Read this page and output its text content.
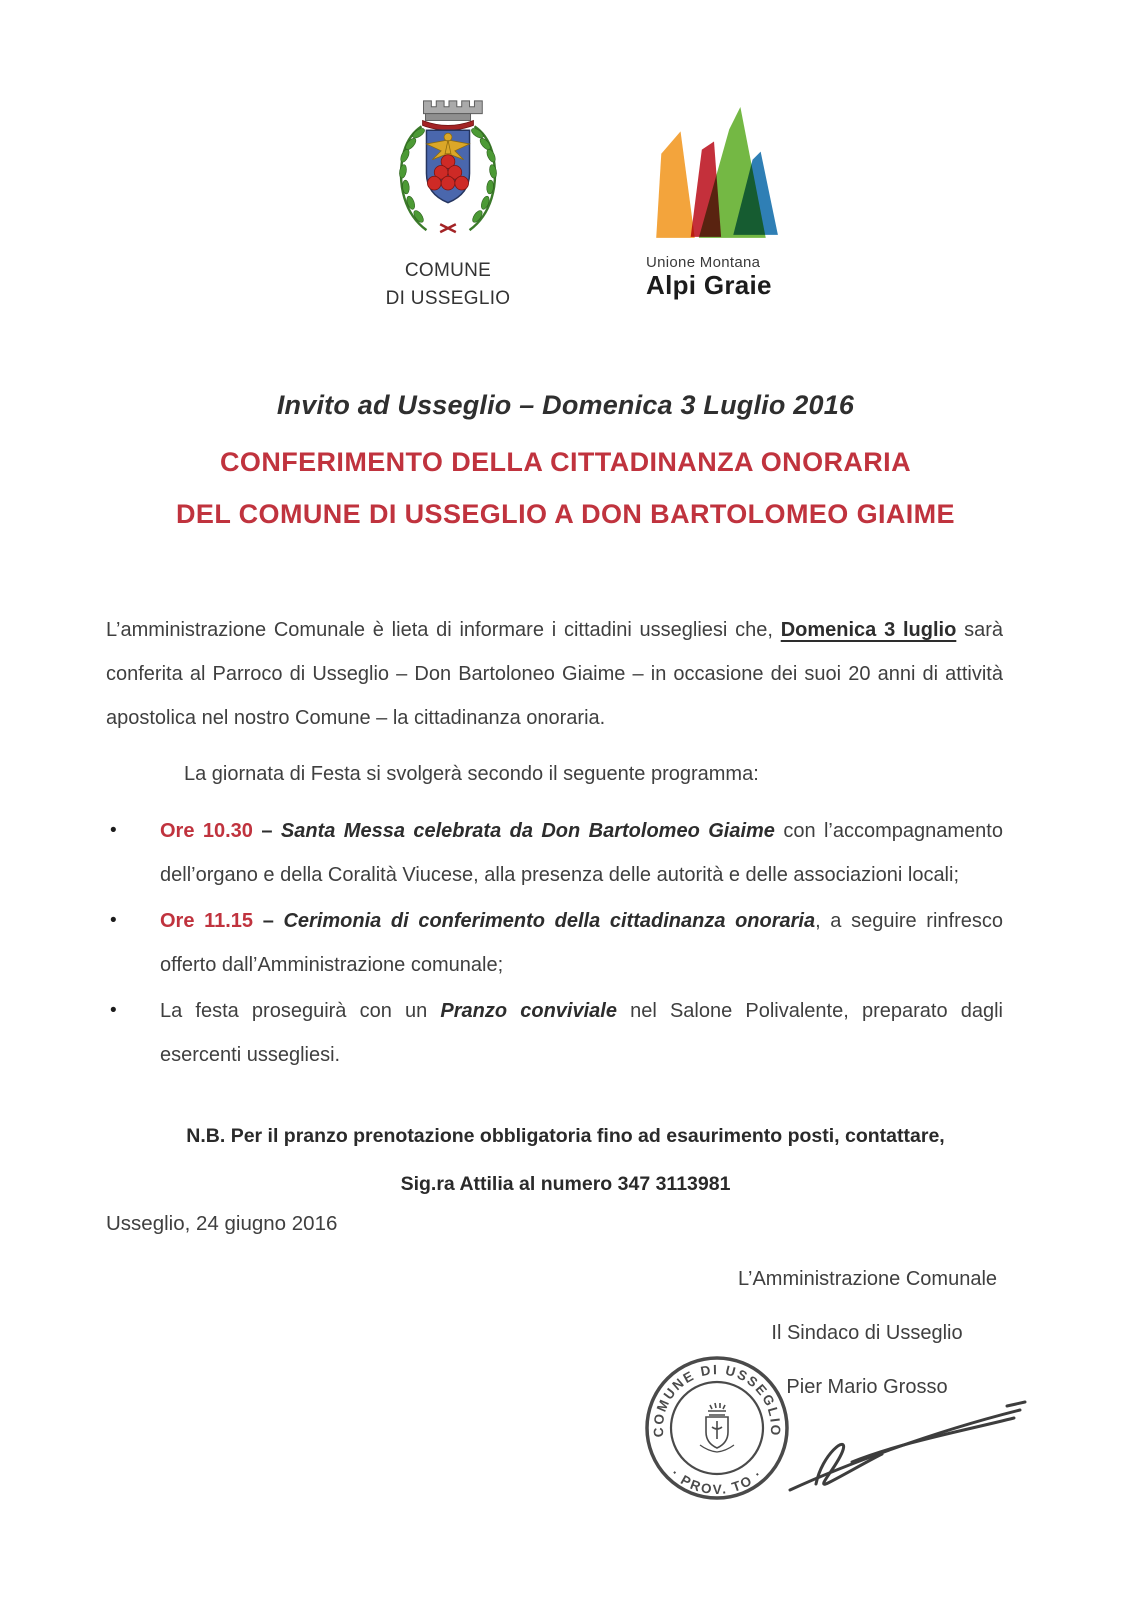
COMUNE
DI USSEGLIO
Unione Montana
Alpi Graie
Invito ad Usseglio – Domenica 3 Luglio 2016
CONFERIMENTO DELLA CITTADINANZA ONORARIA
DEL COMUNE DI USSEGLIO A DON BARTOLOMEO GIAIME

L’amministrazione Comunale è lieta di informare i cittadini ussegliesi che, Domenica 3 luglio sarà conferita al Parroco di Usseglio – Don Bartoloneo Giaime – in occasione dei suoi 20 anni di attività apostolica nel nostro Comune – la cittadinanza onoraria.

La giornata di Festa si svolgerà secondo il seguente programma:

• Ore 10.30 – Santa Messa celebrata da Don Bartolomeo Giaime con l’accompagnamento dell’organo e della Coralità Viucese, alla presenza delle autorità e delle associazioni locali;
• Ore 11.15 – Cerimonia di conferimento della cittadinanza onoraria, a seguire rinfresco offerto dall’Amministrazione comunale;
• La festa proseguirà con un Pranzo conviviale nel Salone Polivalente, preparato dagli esercenti ussegliesi.
N.B. Per il pranzo prenotazione obbligatoria fino ad esaurimento posti, contattare,
Sig.ra Attilia al numero 347 3113981
Usseglio, 24 giugno 2016

L’Amministrazione Comunale

Il Sindaco di Usseglio

Pier Mario Grosso

COMUNE DI USSEGLIO
· PROV. TO ·
